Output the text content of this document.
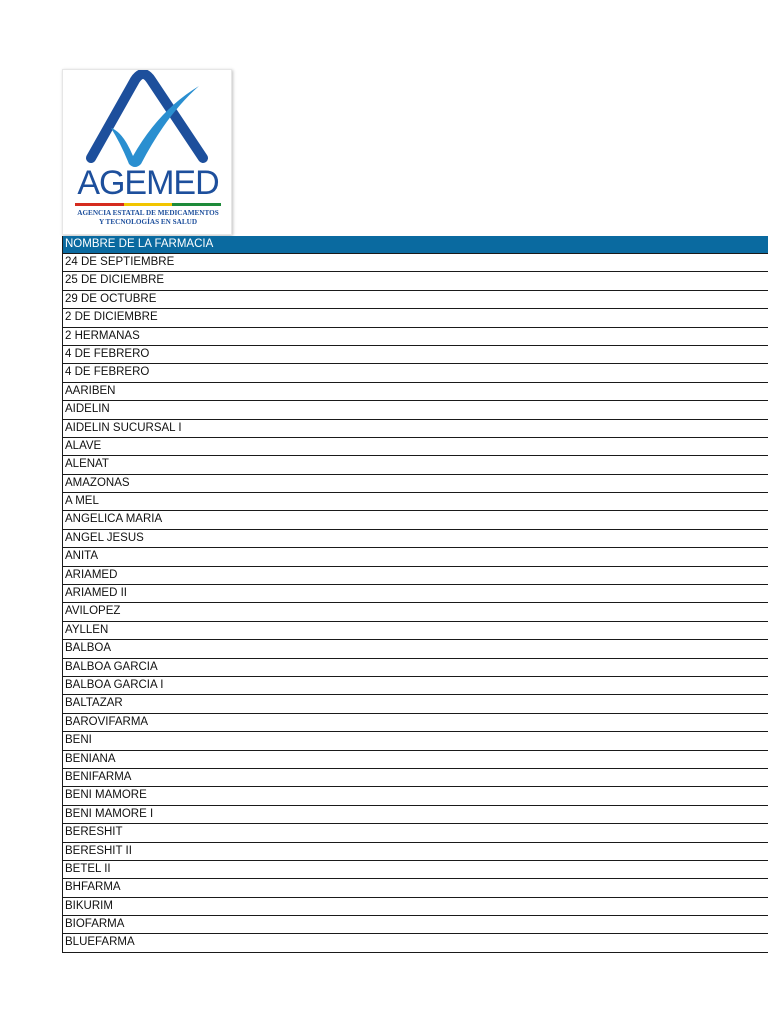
AGEMED
AGENCIA ESTATAL DE MEDICAMENTOS
Y TECNOLOGÍAS EN SALUD
NOMBRE DE LA FARMACIA
24 DE SEPTIEMBRE
25 DE DICIEMBRE
29 DE OCTUBRE
2 DE DICIEMBRE
2 HERMANAS
4 DE FEBRERO
4 DE FEBRERO
AARIBEN
AIDELIN
AIDELIN SUCURSAL I
ALAVE
ALENAT
AMAZONAS
A MEL
ANGELICA MARIA
ANGEL JESUS
ANITA
ARIAMED
ARIAMED II
AVILOPEZ
AYLLEN
BALBOA
BALBOA GARCIA
BALBOA GARCIA I
BALTAZAR
BAROVIFARMA
BENI
BENIANA
BENIFARMA
BENI MAMORE
BENI MAMORE I
BERESHIT
BERESHIT II
BETEL II
BHFARMA
BIKURIM
BIOFARMA
BLUEFARMA
